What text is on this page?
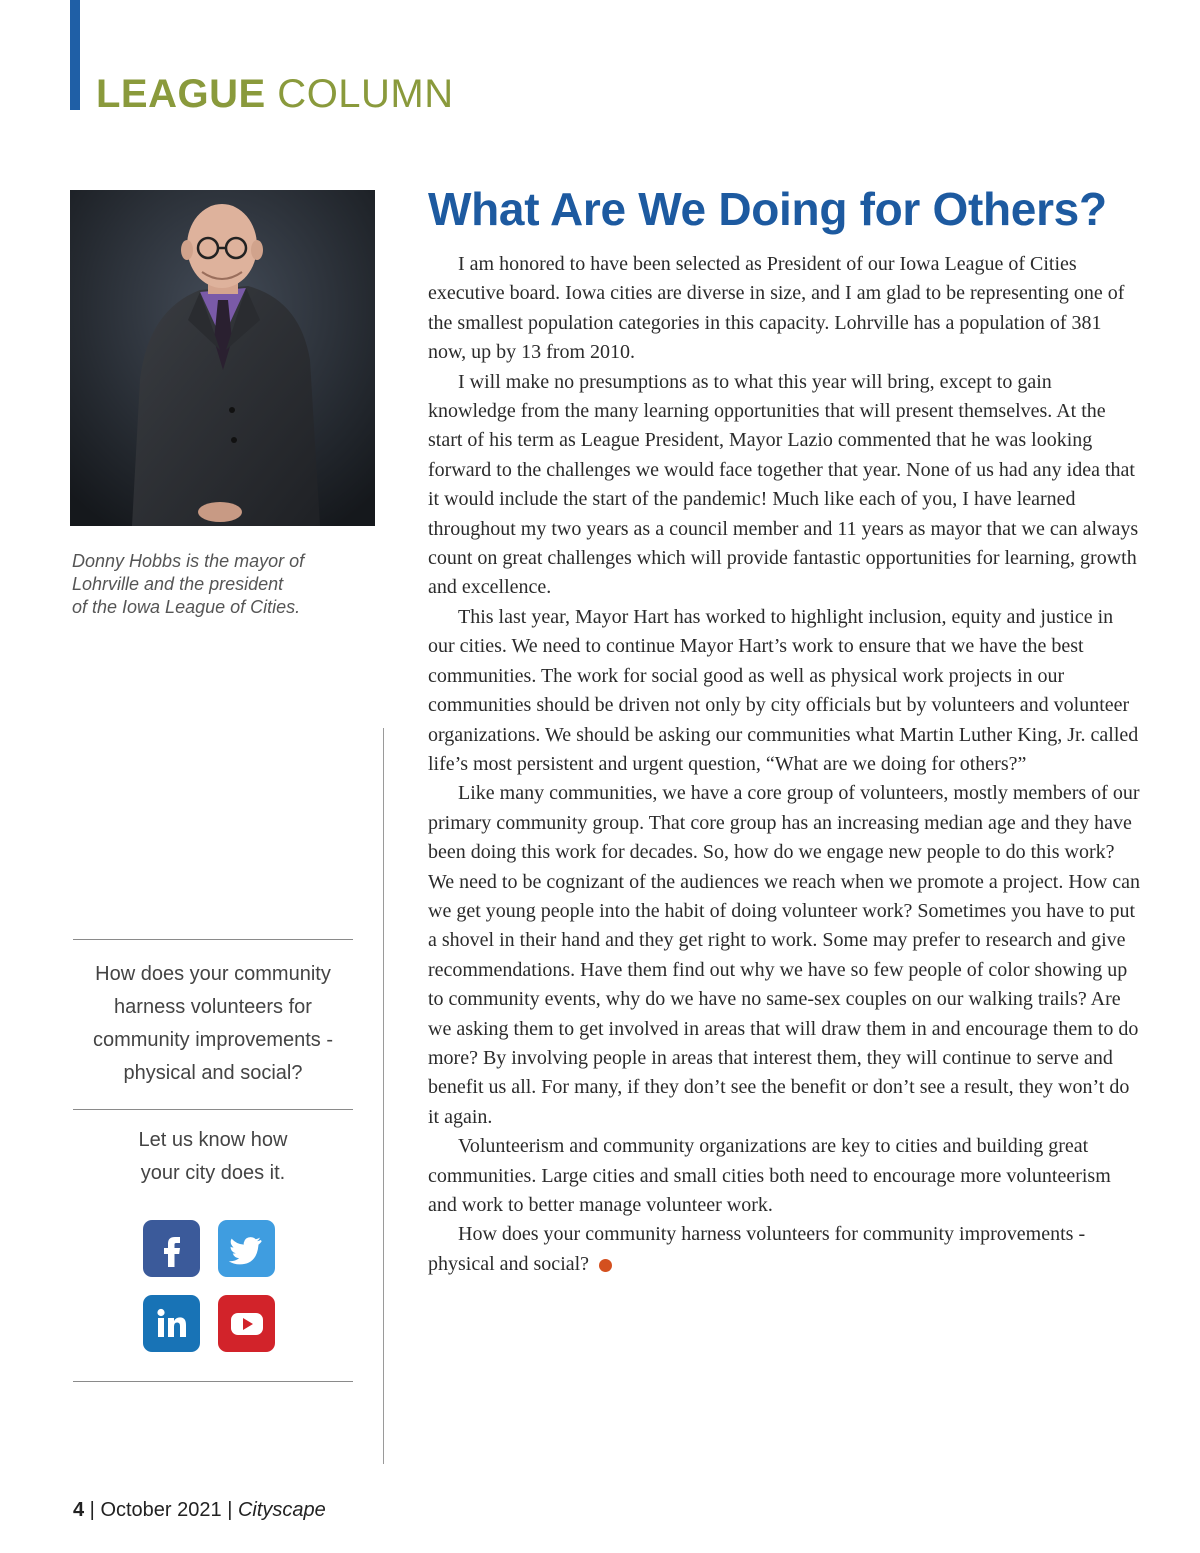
LEAGUE COLUMN
Donny Hobbs is the mayor of
Lohrville and the president
of the Iowa League of Cities.
How does your community
harness volunteers for
community improvements -
physical and social?
Let us know how
your city does it.
What Are We Doing for Others?

I am honored to have been selected as President of our Iowa League of Cities executive board. Iowa cities are diverse in size, and I am glad to be representing one of the smallest population categories in this capacity. Lohrville has a population of 381 now, up by 13 from 2010.

I will make no presumptions as to what this year will bring, except to gain knowledge from the many learning opportunities that will present themselves. At the start of his term as League President, Mayor Lazio commented that he was looking forward to the challenges we would face together that year. None of us had any idea that it would include the start of the pandemic! Much like each of you, I have learned throughout my two years as a council member and 11 years as mayor that we can always count on great challenges which will provide fantastic opportunities for learning, growth and excellence.

This last year, Mayor Hart has worked to highlight inclusion, equity and justice in our cities. We need to continue Mayor Hart’s work to ensure that we have the best communities. The work for social good as well as physical work projects in our communities should be driven not only by city officials but by volunteers and volunteer organizations. We should be asking our communities what Martin Luther King, Jr. called life’s most persistent and urgent question, “What are we doing for others?”

Like many communities, we have a core group of volunteers, mostly members of our primary community group. That core group has an increasing median age and they have been doing this work for decades. So, how do we engage new people to do this work? We need to be cognizant of the audiences we reach when we promote a project. How can we get young people into the habit of doing volunteer work? Sometimes you have to put a shovel in their hand and they get right to work. Some may prefer to research and give recommendations. Have them find out why we have so few people of color showing up to community events, why do we have no same-sex couples on our walking trails? Are we asking them to get involved in areas that will draw them in and encourage them to do more? By involving people in areas that interest them, they will continue to serve and benefit us all. For many, if they don’t see the benefit or don’t see a result, they won’t do it again.

Volunteerism and community organizations are key to cities and building great communities. Large cities and small cities both need to encourage more volunteerism and work to better manage volunteer work.

How does your community harness volunteers for community improvements - physical and social?

4 | October 2021 | Cityscape
